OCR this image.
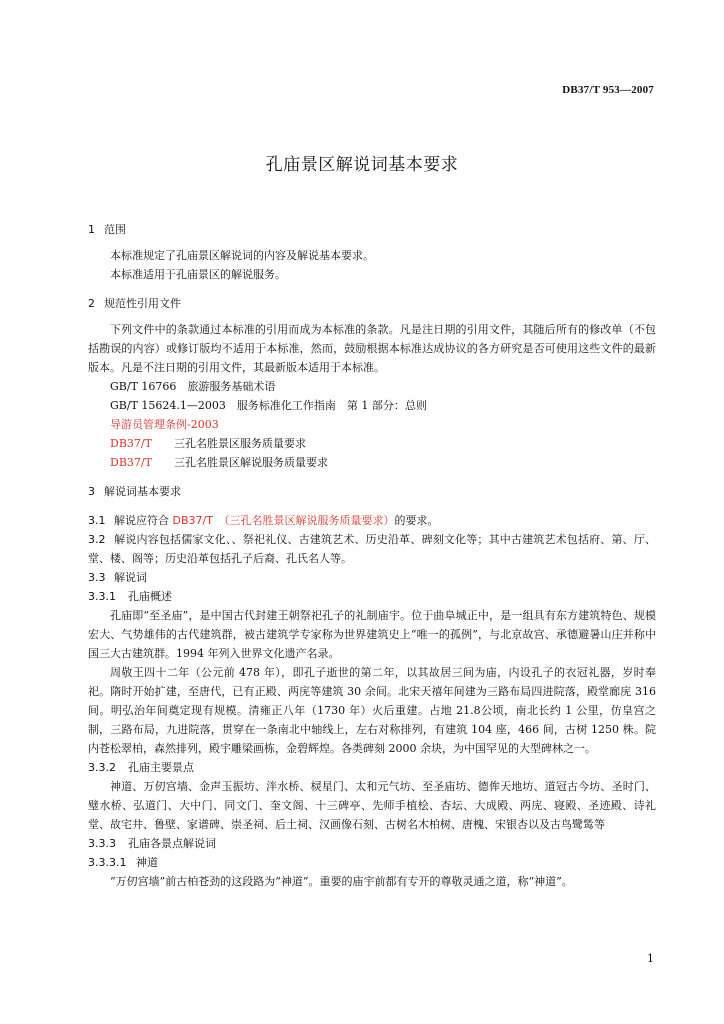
DB37/T 953—2007
孔庙景区解说词基本要求
1 范围

本标准规定了孔庙景区解说词的内容及解说基本要求。

本标准适用于孔庙景区的解说服务。

2 规范性引用文件

下列文件中的条款通过本标准的引用而成为本标准的条款。凡是注日期的引用文件，其随后所有的修改单（不包括勘误的内容）或修订版均不适用于本标准，然而，鼓励根据本标准达成协议的各方研究是否可使用这些文件的最新版本。凡是不注日期的引用文件，其最新版本适用于本标准。

GB/T 16766　 旅游服务基础术语
GB/T 15624.1—2003　 服务标准化工作指南　第 1 部分：总则
导游员管理条例-2003
DB37/T　　 三孔名胜景区服务质量要求
DB37/T　　 三孔名胜景区解说服务质量要求
3 解说词基本要求
3.1 解说应符合 DB37/T　 （三孔名胜景区解说服务质量要求）的要求。
3.2 解说内容包括儒家文化、、祭祀礼仪、古建筑艺术、历史沿革、碑刻文化等；其中古建筑艺术包括府、第、厅、堂、楼、阁等；历史沿革包括孔子后裔、孔氏名人等。
3.3 解说词
3.3.1 孔庙概述

孔庙即“至圣庙”，是中国古代封建王朝祭祀孔子的礼制庙宇。位于曲阜城正中，是一组具有东方建筑特色、规模宏大、气势雄伟的古代建筑群，被古建筑学专家称为世界建筑史上“唯一的孤例”，与北京故宫、承德避暑山庄并称中国三大古建筑群。1994 年列入世界文化遗产名录。

周敬王四十二年（公元前 478 年），即孔子逝世的第二年，以其故居三间为庙，内设孔子的衣冠礼器，岁时奉祀。隋时开始扩建，至唐代，已有正殿、两庑等建筑 30 余间。北宋天禧年间建为三路布局四进院落，殿堂廊庑 316 间。明弘治年间奠定现有规模。清雍正八年（1730 年）火后重建。占地 21.8公顷，南北长约 1 公里，仿皇宫之制，三路布局，九进院落，贯穿在一条南北中轴线上，左右对称排列，有建筑 104 座，466 间，古树 1250 株。院内苍松翠柏，森然排列，殿宇雕梁画栋，金碧辉煌。各类碑刻 2000 余块，为中国罕见的大型碑林之一。

3.3.2 孔庙主要景点

神道、万仞宫墙、金声玉振坊、泮水桥、棂星门、太和元气坊、至圣庙坊、德侔天地坊、道冠古今坊、圣时门、璧水桥、弘道门、大中门、同文门、奎文阁、十三碑亭、先师手植桧、杏坛、大成殿、两庑、寝殿、圣迹殿、诗礼堂、故宅井、鲁壁、家谱碑、崇圣祠、后土祠、汉画像石刻、古树名木柏树、唐槐、宋银杏以及古鸟鹭鸶等

3.3.3 孔庙各景点解说词
3.3.3.1 神道

“万仞宫墙”前古柏苍劲的这段路为“神道”。重要的庙宇前都有专开的尊敬灵通之道，称“神道”。

1
